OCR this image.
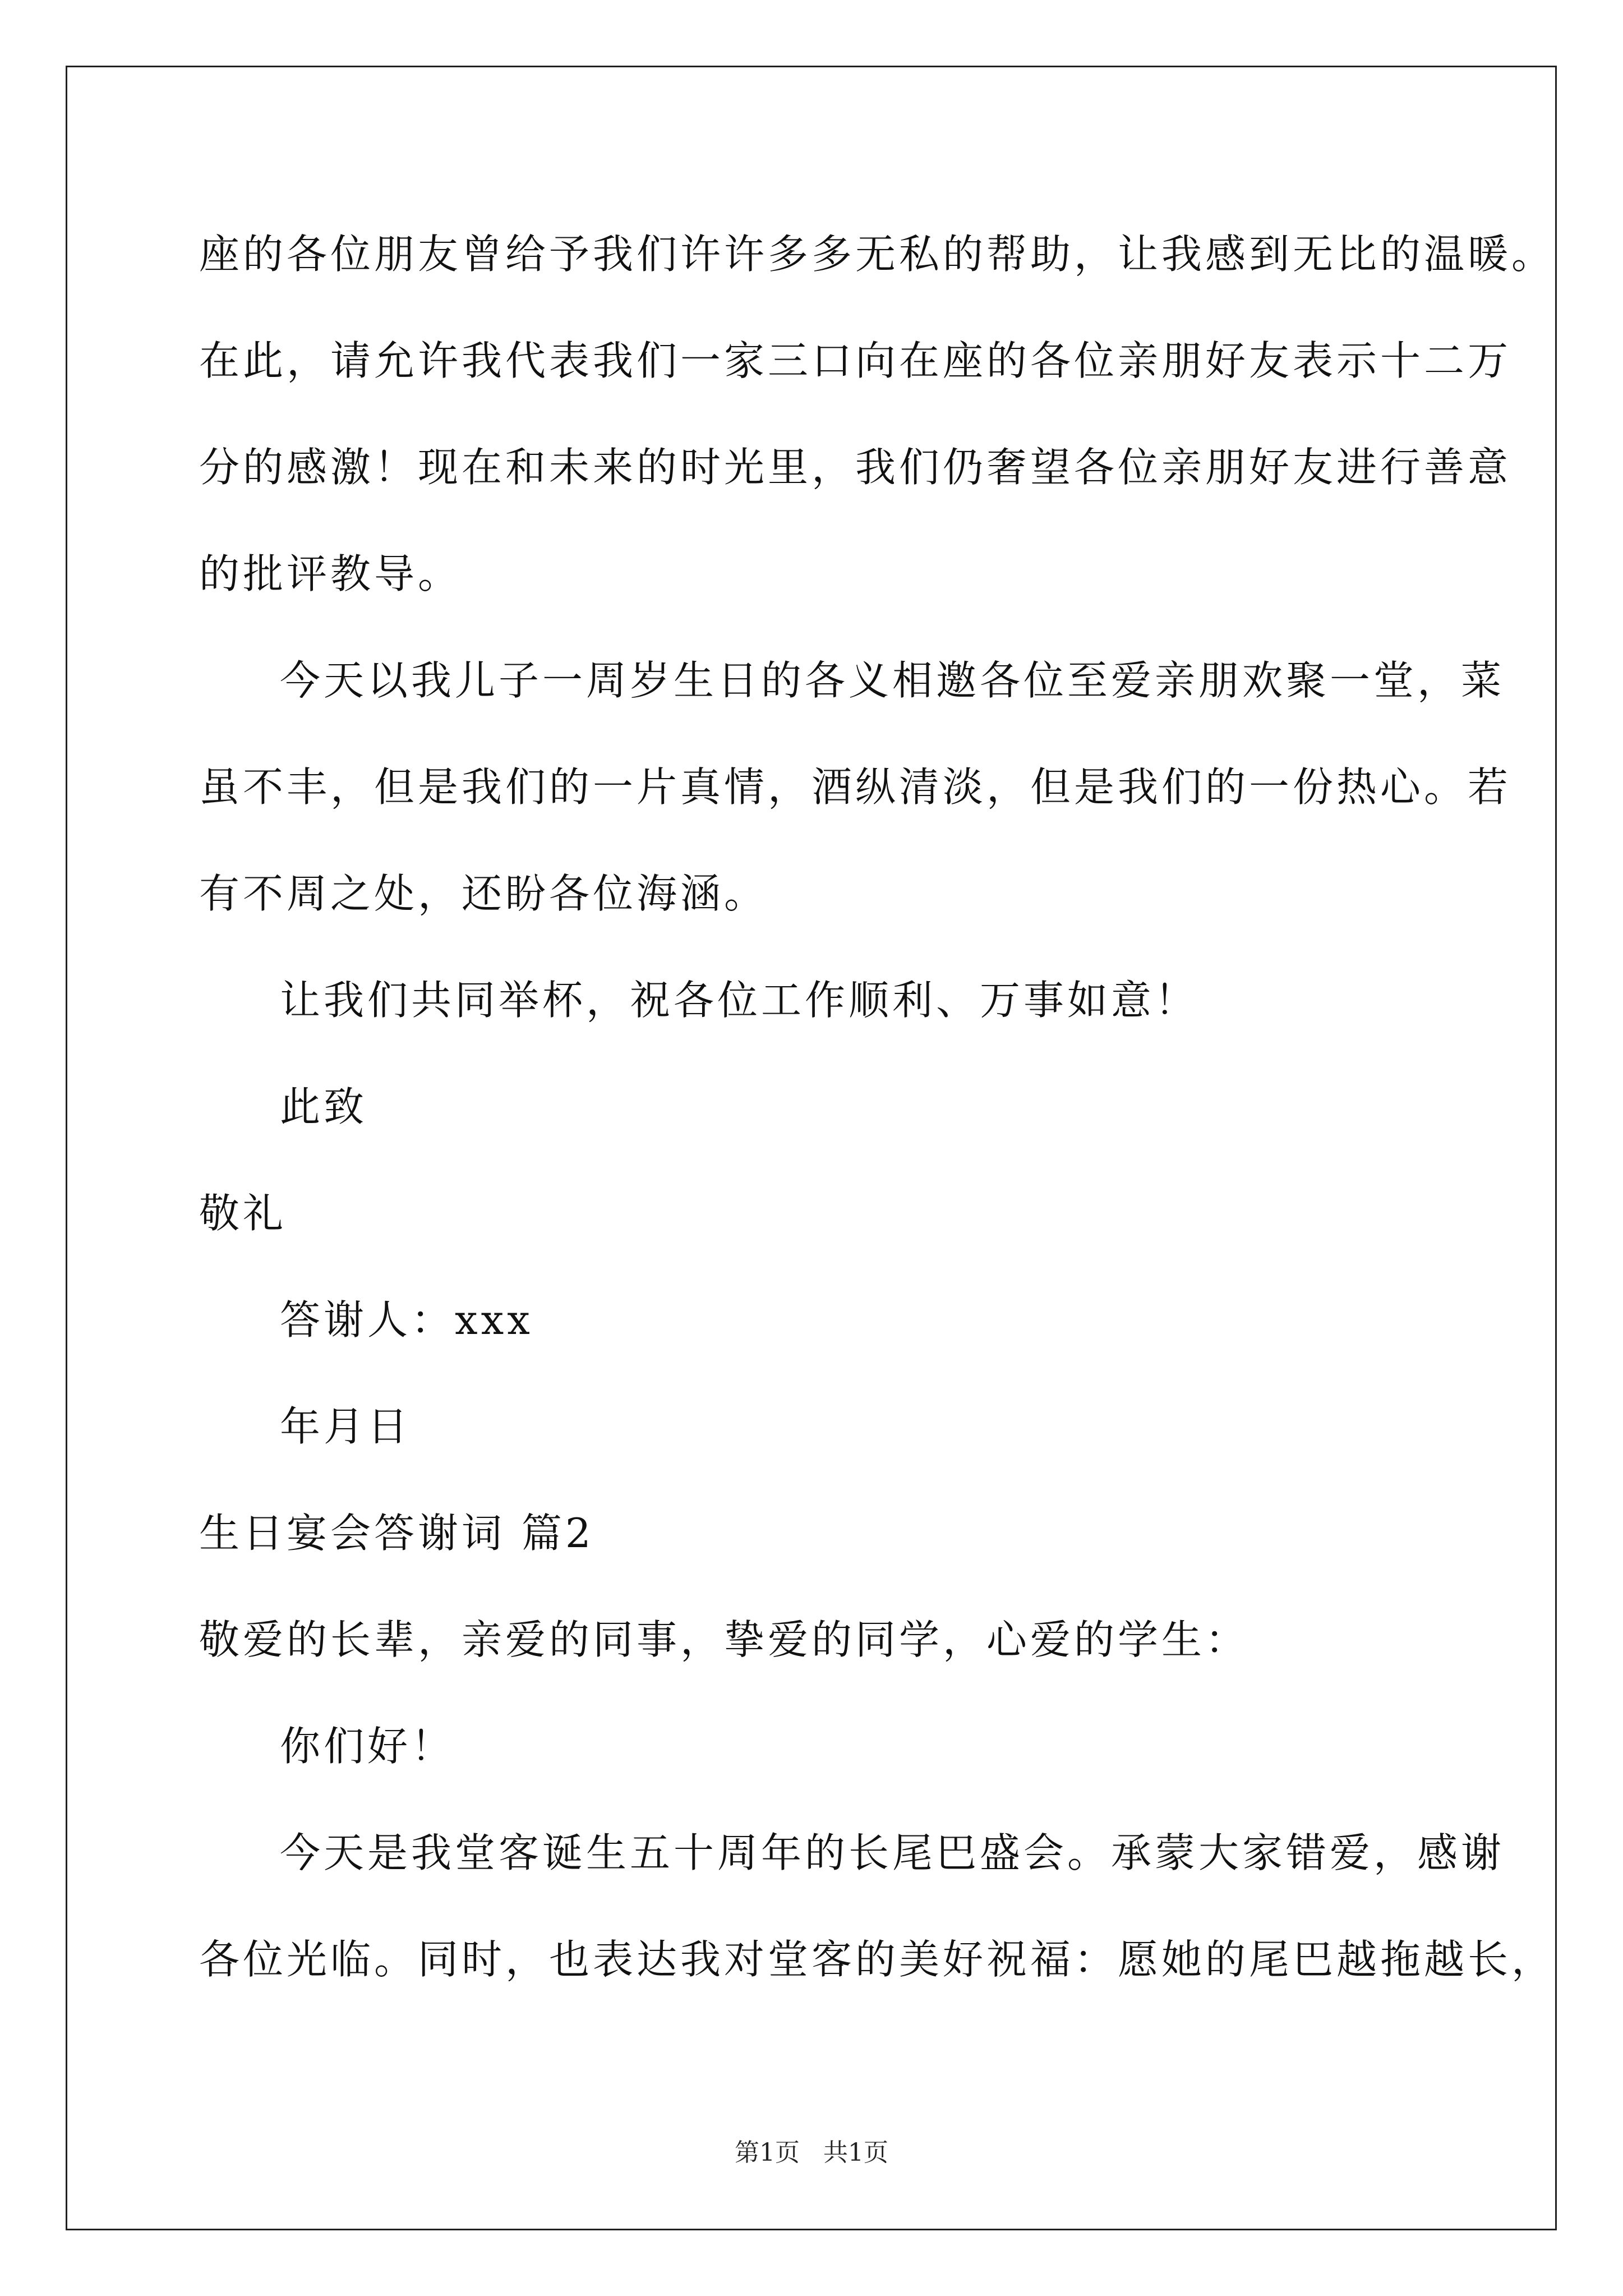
座的各位朋友曾给予我们许许多多无私的帮助，让我感到无比的温暖。
在此，请允许我代表我们一家三口向在座的各位亲朋好友表示十二万
分的感激！现在和未来的时光里，我们仍奢望各位亲朋好友进行善意
的批评教导。
今天以我儿子一周岁生日的各义相邀各位至爱亲朋欢聚一堂，菜
虽不丰，但是我们的一片真情，酒纵清淡，但是我们的一份热心。若
有不周之处，还盼各位海涵。
让我们共同举杯，祝各位工作顺利、万事如意！
此致
敬礼
答谢人：xxx
年月日
生日宴会答谢词 篇2
敬爱的长辈，亲爱的同事，挚爱的同学，心爱的学生：
你们好！
今天是我堂客诞生五十周年的长尾巴盛会。承蒙大家错爱，感谢
各位光临。同时，也表达我对堂客的美好祝福：愿她的尾巴越拖越长，
第1页 共1页
